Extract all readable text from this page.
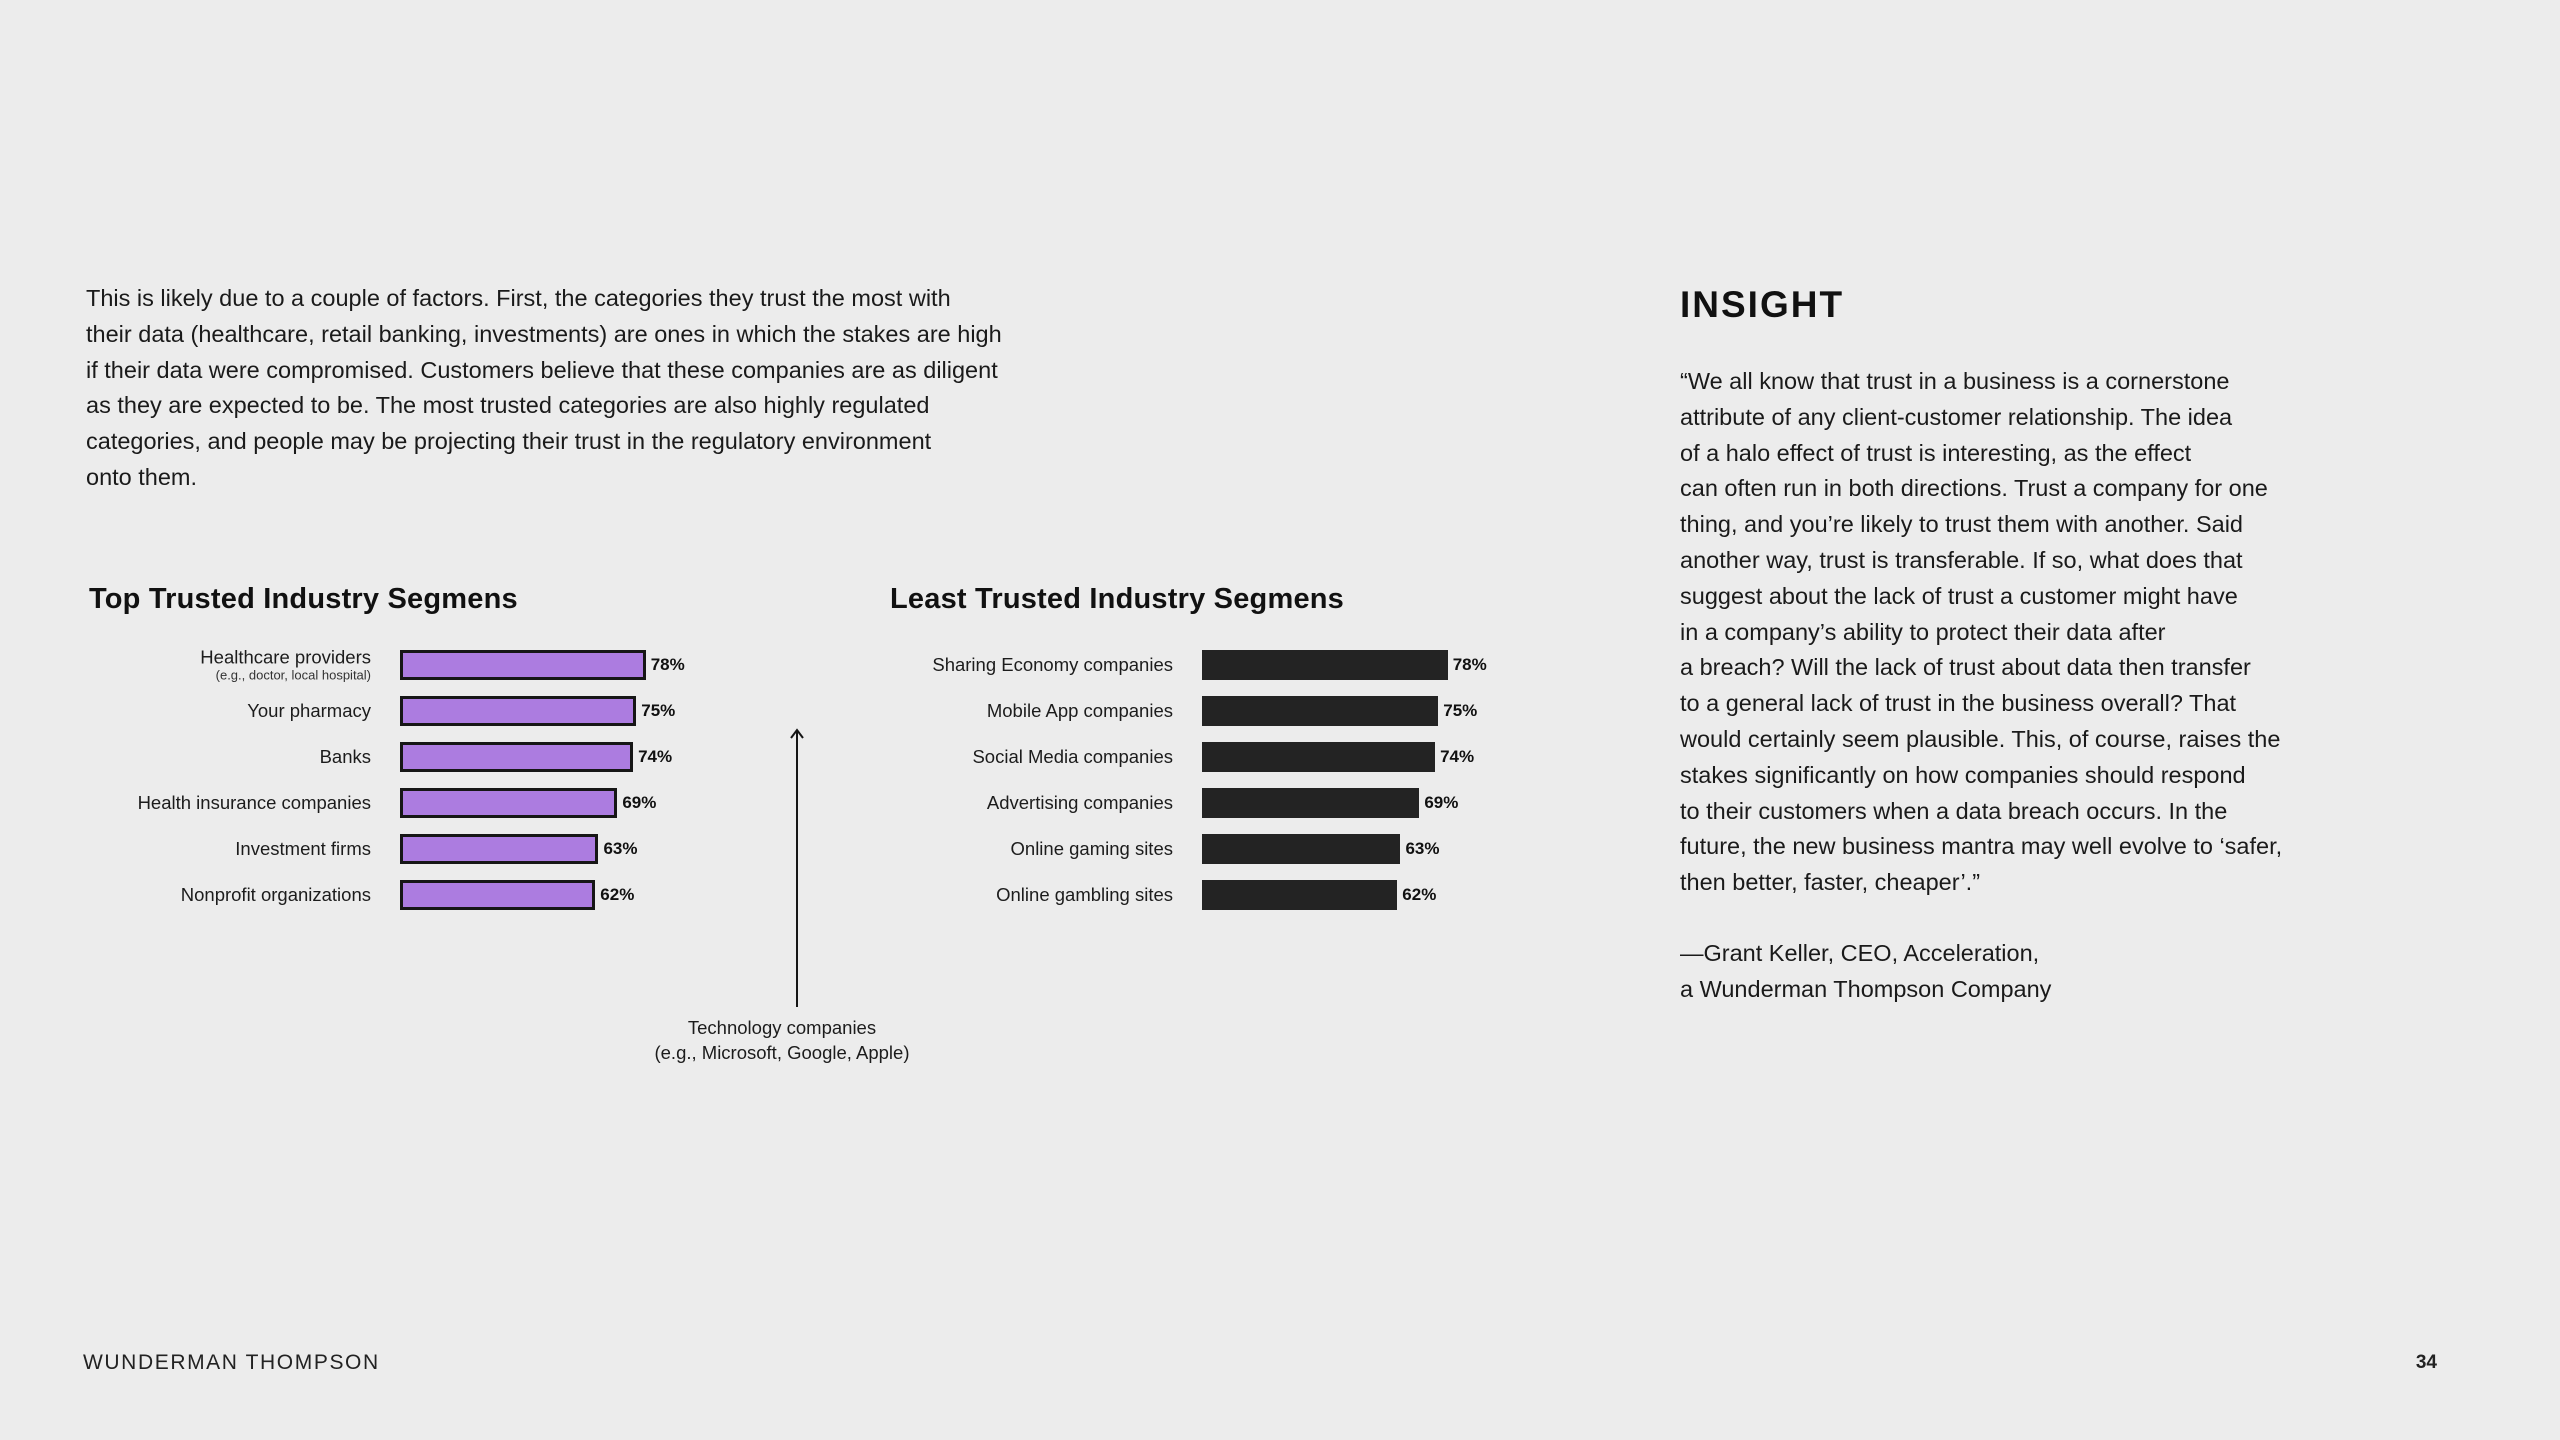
This is likely due to a couple of factors. First, the categories they trust the most with
their data (healthcare, retail banking, investments) are ones in which the stakes are high
if their data were compromised. Customers believe that these companies are as diligent
as they are expected to be. The most trusted categories are also highly regulated
categories, and people may be projecting their trust in the regulatory environment
onto them.

Top Trusted Industry Segmens
Healthcare providers
(e.g., doctor, local hospital)
78%
Your pharmacy	75%
Banks	74%
Health insurance companies	69%
Investment firms	63%
Nonprofit organizations	62%
Least Trusted Industry Segmens
Sharing Economy companies	78%
Mobile App companies	75%
Social Media companies	74%
Advertising companies	69%
Online gaming sites	63%
Online gambling sites	62%
Technology companies
(e.g., Microsoft, Google, Apple)
INSIGHT

“We all know that trust in a business is a cornerstone
attribute of any client-customer relationship. The idea
of a halo effect of trust is interesting, as the effect
can often run in both directions. Trust a company for one
thing, and you’re likely to trust them with another. Said
another way, trust is transferable. If so, what does that
suggest about the lack of trust a customer might have
in a company’s ability to protect their data after
a breach? Will the lack of trust about data then transfer
to a general lack of trust in the business overall? That
would certainly seem plausible. This, of course, raises the
stakes significantly on how companies should respond
to their customers when a data breach occurs. In the
future, the new business mantra may well evolve to ‘safer,
then better, faster, cheaper’.”

—Grant Keller, CEO, Acceleration,
a Wunderman Thompson Company

WUNDERMAN THOMPSON	34
